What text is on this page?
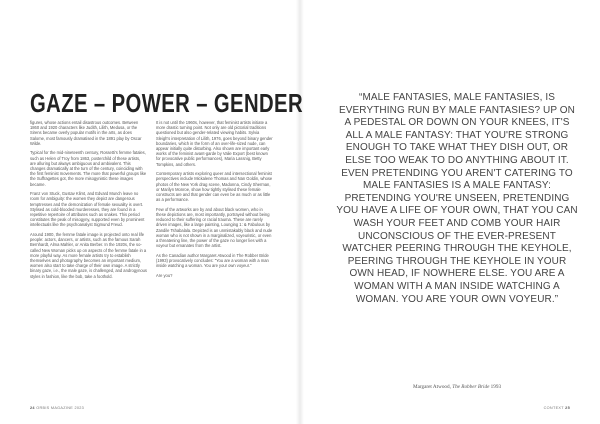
GAZE – POWER – GENDER

figures, whose actions entail disastrous outcomes. Between 1860 and 1920 characters like Judith, Lilith, Medusa, or the Sirens became overly popular motifs in the arts, as does Salome, most famously dramatised in the 1891 play by Oscar Wilde.

Typical for the mid-nineteenth century, Rossetti's femme fatales, such as Helen of Troy from 1863, posterchild of these artists, are alluring but always ambiguous and ambivalent. This changes dramatically at the turn of the century, coinciding with the first feminist movements. The more that powerful groups like the Suffragettes got, the more misogynistic these images became.

Franz von Stuck, Gustav Klimt, and Edvard Munch leave no room for ambiguity: the women they depict are dangerous temptresses and the demonization of female sexuality is overt. Stylised as cold-blooded murderesses, they are found in a repetitive repertoire of attributes such as snakes. This period constitutes the peak of misogyny, supported even by prominent intellectuals like the psychoanalyst Sigmund Freud.

Around 1900, the femme fatale image is projected onto real life people: actors, dancers, or artists, such as the famous Sarah Bernhardt, Alma Mahler, or Anita Berber. In the 1920s, the so-called New Woman picks up on aspects of the femme fatale in a more playful way. As more female artists try to establish themselves and photography becomes an important medium, women also start to take charge of their own image. A strictly binary gaze, i.e., the male gaze, is challenged, and androgynous styles in fashion, like the bob, take a foothold.

It is not until the 1960s, however, that feminist artists initiate a more drastic turning point. Not only are old pictorial traditions questioned but also gender-related viewing habits. Sylvia Sleigh's interpretation of Lilith, 1976, goes beyond binary gender boundaries, which in the form of an over-life-sized nude, can appear initially quite disturbing. Also shown are important early works of the feminist avant-garde by Valie Export (best known for provocative public performances), Maria Lassnig, Betty Tompkins, and others.

Contemporary artists exploring queer and intersectional feminist perspectives include Mickalene Thomas and Nan Goldin, whose photos of the New York drag scene, Madonna, Cindy Sherman, or Marilyn Monroe, show how tightly stylised these female constructs are and that gender can even be as much or as little as a performance.

Few of the artworks are by and about black women, who in these depictions are, most importantly, portrayed without being reduced to their suffering or racial trauma. These are rarely driven images, like a large painting, Lounging 1: & Fabulous by Zandile Tshabalala. Depicted is an unmistakably black and nude woman who is not shown in a marginalized, voyeuristic, or even a threatening line, the power of the gaze no longer lies with a voyeur but emanates from the artist.

As the Canadian author Margaret Atwood in The Robber Bride (1993) provocatively concludes: "You are a woman with a man inside watching a woman. You are your own voyeur."

Are you?

“MALE FANTASIES, MALE FANTASIES, IS EVERYTHING RUN BY MALE FANTASIES? UP ON A PEDESTAL OR DOWN ON YOUR KNEES, IT'S ALL A MALE FANTASY: THAT YOU'RE STRONG ENOUGH TO TAKE WHAT THEY DISH OUT, OR ELSE TOO WEAK TO DO ANYTHING ABOUT IT. EVEN PRETENDING YOU AREN'T CATERING TO MALE FANTASIES IS A MALE FANTASY: PRETENDING YOU'RE UNSEEN, PRETENDING YOU HAVE A LIFE OF YOUR OWN, THAT YOU CAN WASH YOUR FEET AND COMB YOUR HAIR UNCONSCIOUS OF THE EVER-PRESENT WATCHER PEERING THROUGH THE KEYHOLE, PEERING THROUGH THE KEYHOLE IN YOUR OWN HEAD, IF NOWHERE ELSE. YOU ARE A WOMAN WITH A MAN INSIDE WATCHING A WOMAN. YOU ARE YOUR OWN VOYEUR.”
Margaret Atwood, The Robber Bride 1993
24 ORBIS MAGAZINE 2023	CONTEXT 25
